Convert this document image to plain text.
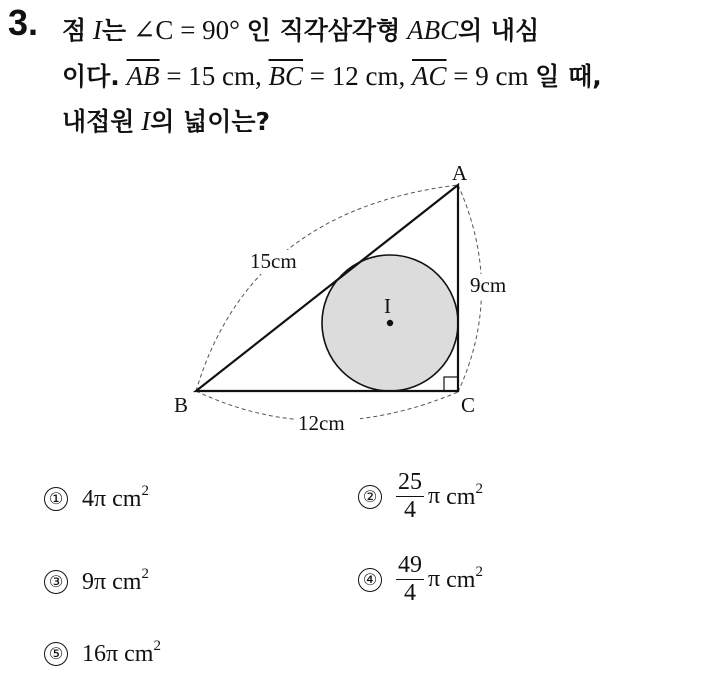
3. 점 I는 ∠C = 90° 인 직각삼각형 ABC의 내심
이다. $\overline{AB} = 15$ cm, $\overline{BC} = 12$ cm, $\overline{AC} = 9$ cm 일 때,
내접원 I의 넓이는?
A
B	C
I
15cm
9cm
12cm
① 4π $cm^2$	② $\frac{25}{4}$ π $cm^2$
③ 9π $cm^2$	④ $\frac{49}{4}$ π $cm^2$
⑤ 16π $cm^2$
